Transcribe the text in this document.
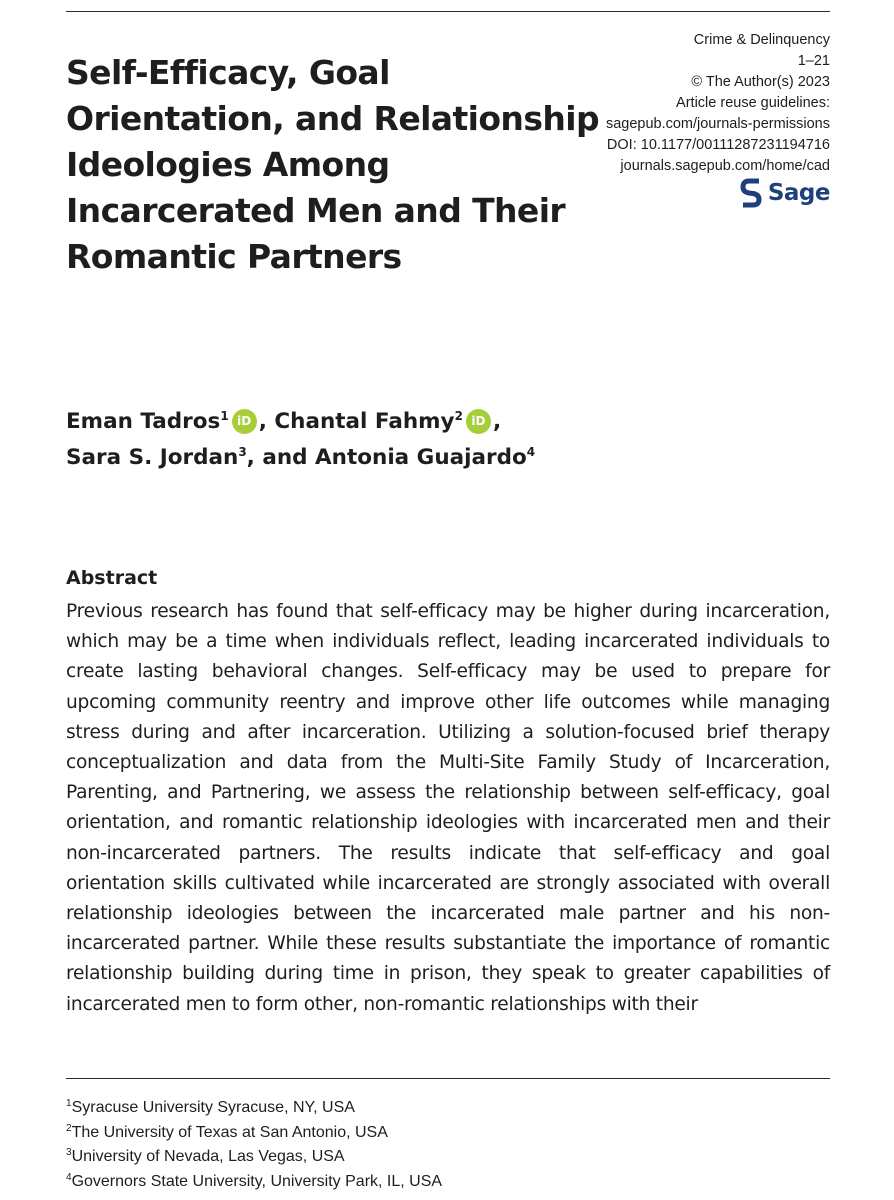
Self-Efficacy, Goal Orientation, and Relationship Ideologies Among Incarcerated Men and Their Romantic Partners
Crime & Delinquency
1–21
© The Author(s) 2023
Article reuse guidelines:
sagepub.com/journals-permissions
DOI: 10.1177/00111287231194716
journals.sagepub.com/home/cad
Sage
Eman Tadros$^1$ iD , Chantal Fahmy$^2$ iD ,
Sara S. Jordan$^3$, and Antonia Guajardo$^4$
Abstract

Previous research has found that self-efficacy may be higher during incarceration, which may be a time when individuals reflect, leading incarcerated individuals to create lasting behavioral changes. Self-efficacy may be used to prepare for upcoming community reentry and improve other life outcomes while managing stress during and after incarceration. Utilizing a solution-focused brief therapy conceptualization and data from the Multi-Site Family Study of Incarceration, Parenting, and Partnering, we assess the relationship between self-efficacy, goal orientation, and romantic relationship ideologies with incarcerated men and their non-incarcerated partners. The results indicate that self-efficacy and goal orientation skills cultivated while incarcerated are strongly associated with overall relationship ideologies between the incarcerated male partner and his non-incarcerated partner. While these results substantiate the importance of romantic relationship building during time in prison, they speak to greater capabilities of incarcerated men to form other, non-romantic relationships with their

$^1$Syracuse University Syracuse, NY, USA
$^2$The University of Texas at San Antonio, USA
$^3$University of Nevada, Las Vegas, USA
$^4$Governors State University, University Park, IL, USA
